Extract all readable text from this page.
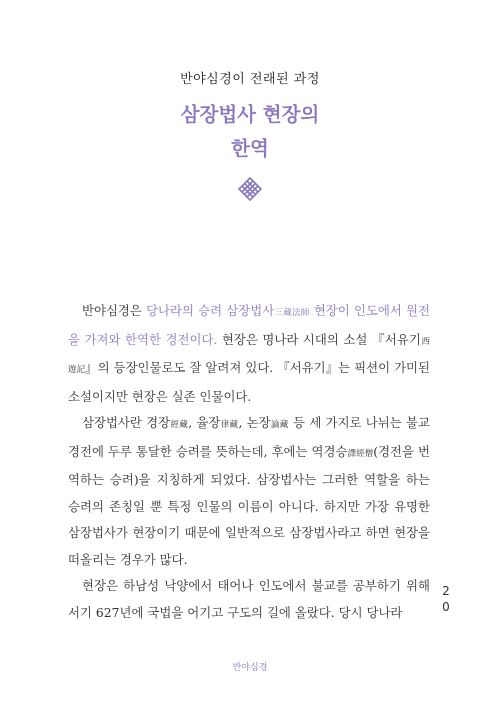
반야심경이 전래된 과정
삼장법사 현장의
한역

반야심경은 당나라의 승려 삼장법사三藏法師 현장이 인도에서 원전을 가져와 한역한 경전이다. 현장은 명나라 시대의 소설 『서유기西遊記』의 등장인물로도 잘 알려져 있다. 『서유기』는 픽션이 가미된 소설이지만 현장은 실존 인물이다.

삼장법사란 경장經藏, 율장律藏, 논장論藏 등 세 가지로 나뉘는 불교 경전에 두루 통달한 승려를 뜻하는데, 후에는 역경승譯經僧(경전을 번역하는 승려)을 지칭하게 되었다. 삼장법사는 그러한 역할을 하는 승려의 존칭일 뿐 특정 인물의 이름이 아니다. 하지만 가장 유명한 삼장법사가 현장이기 때문에 일반적으로 삼장법사라고 하면 현장을 떠올리는 경우가 많다.

현장은 하남성 낙양에서 태어나 인도에서 불교를 공부하기 위해 서기 627년에 국법을 어기고 구도의 길에 올랐다. 당시 당나라

20
반야심경
